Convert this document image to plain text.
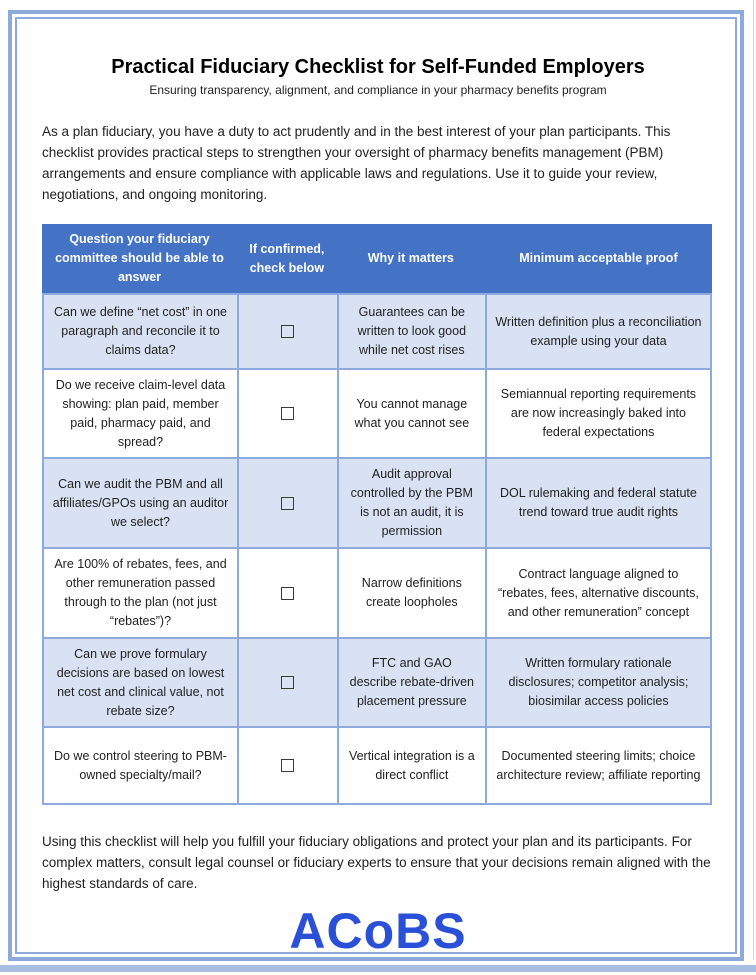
Practical Fiduciary Checklist for Self-Funded Employers
Ensuring transparency, alignment, and compliance in your pharmacy benefits program
As a plan fiduciary, you have a duty to act prudently and in the best interest of your plan participants. This checklist provides practical steps to strengthen your oversight of pharmacy benefits management (PBM) arrangements and ensure compliance with applicable laws and regulations. Use it to guide your review, negotiations, and ongoing monitoring.
Question your fiduciary committee should be able to answer	If confirmed, check below	Why it matters	Minimum acceptable proof
Can we define “net cost” in one paragraph and reconcile it to claims data?		Guarantees can be written to look good while net cost rises	Written definition plus a reconciliation example using your data
Do we receive claim-level data showing: plan paid, member paid, pharmacy paid, and spread?		You cannot manage what you cannot see	Semiannual reporting requirements are now increasingly baked into federal expectations
Can we audit the PBM and all affiliates/GPOs using an auditor we select?		Audit approval controlled by the PBM is not an audit, it is permission	DOL rulemaking and federal statute trend toward true audit rights
Are 100% of rebates, fees, and other remuneration passed through to the plan (not just “rebates”)?		Narrow definitions create loopholes	Contract language aligned to “rebates, fees, alternative discounts, and other remuneration” concept
Can we prove formulary decisions are based on lowest net cost and clinical value, not rebate size?		FTC and GAO describe rebate-driven placement pressure	Written formulary rationale disclosures; competitor analysis; biosimilar access policies
Do we control steering to PBM-owned specialty/mail?		Vertical integration is a direct conflict	Documented steering limits; choice architecture review; affiliate reporting
Using this checklist will help you fulfill your fiduciary obligations and protect your plan and its participants. For complex matters, consult legal counsel or fiduciary experts to ensure that your decisions remain aligned with the highest standards of care.
ACoBS
